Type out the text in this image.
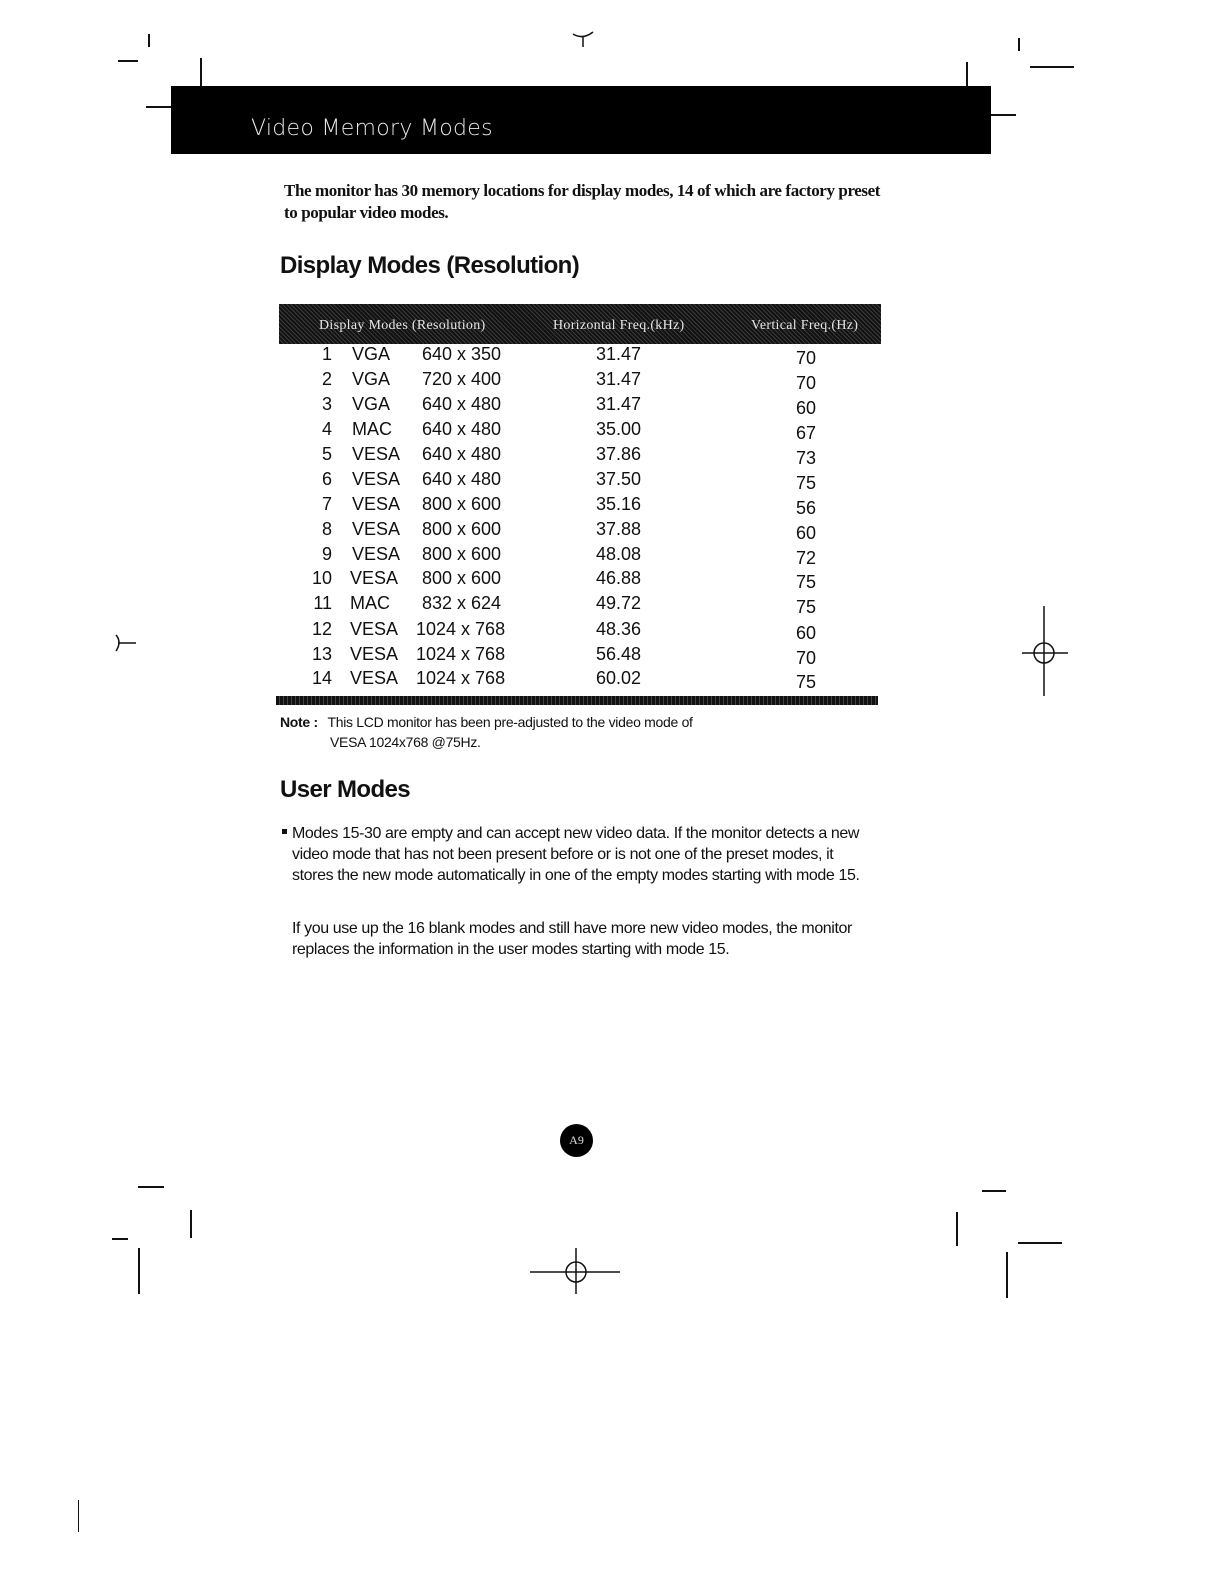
Video Memory Modes
The monitor has 30 memory locations for display modes, 14 of which are factory preset to popular video modes.
Display Modes (Resolution)
Display Modes (Resolution)	Horizontal Freq.(kHz)	Vertical Freq.(Hz)
1 VGA 640 x 350	31.47	70
2 VGA 720 x 400	31.47	70
3 VGA 640 x 480	31.47	60
4 MAC 640 x 480	35.00	67
5 VESA 640 x 480	37.86	73
6 VESA 640 x 480	37.50	75
7 VESA 800 x 600	35.16	56
8 VESA 800 x 600	37.88	60
9 VESA 800 x 600	48.08	72
10 VESA 800 x 600	46.88	75
11 MAC 832 x 624	49.72	75
12 VESA 1024 x 768	48.36	60
13 VESA 1024 x 768	56.48	70
14 VESA 1024 x 768	60.02	75
Note : This LCD monitor has been pre-adjusted to the video mode of
VESA 1024x768 @75Hz.
User Modes
Modes 15-30 are empty and can accept new video data. If the monitor detects a new video mode that has not been present before or is not one of the preset modes, it stores the new mode automatically in one of the empty modes starting with mode 15.
If you use up the 16 blank modes and still have more new video modes, the monitor replaces the information in the user modes starting with mode 15.
A9
